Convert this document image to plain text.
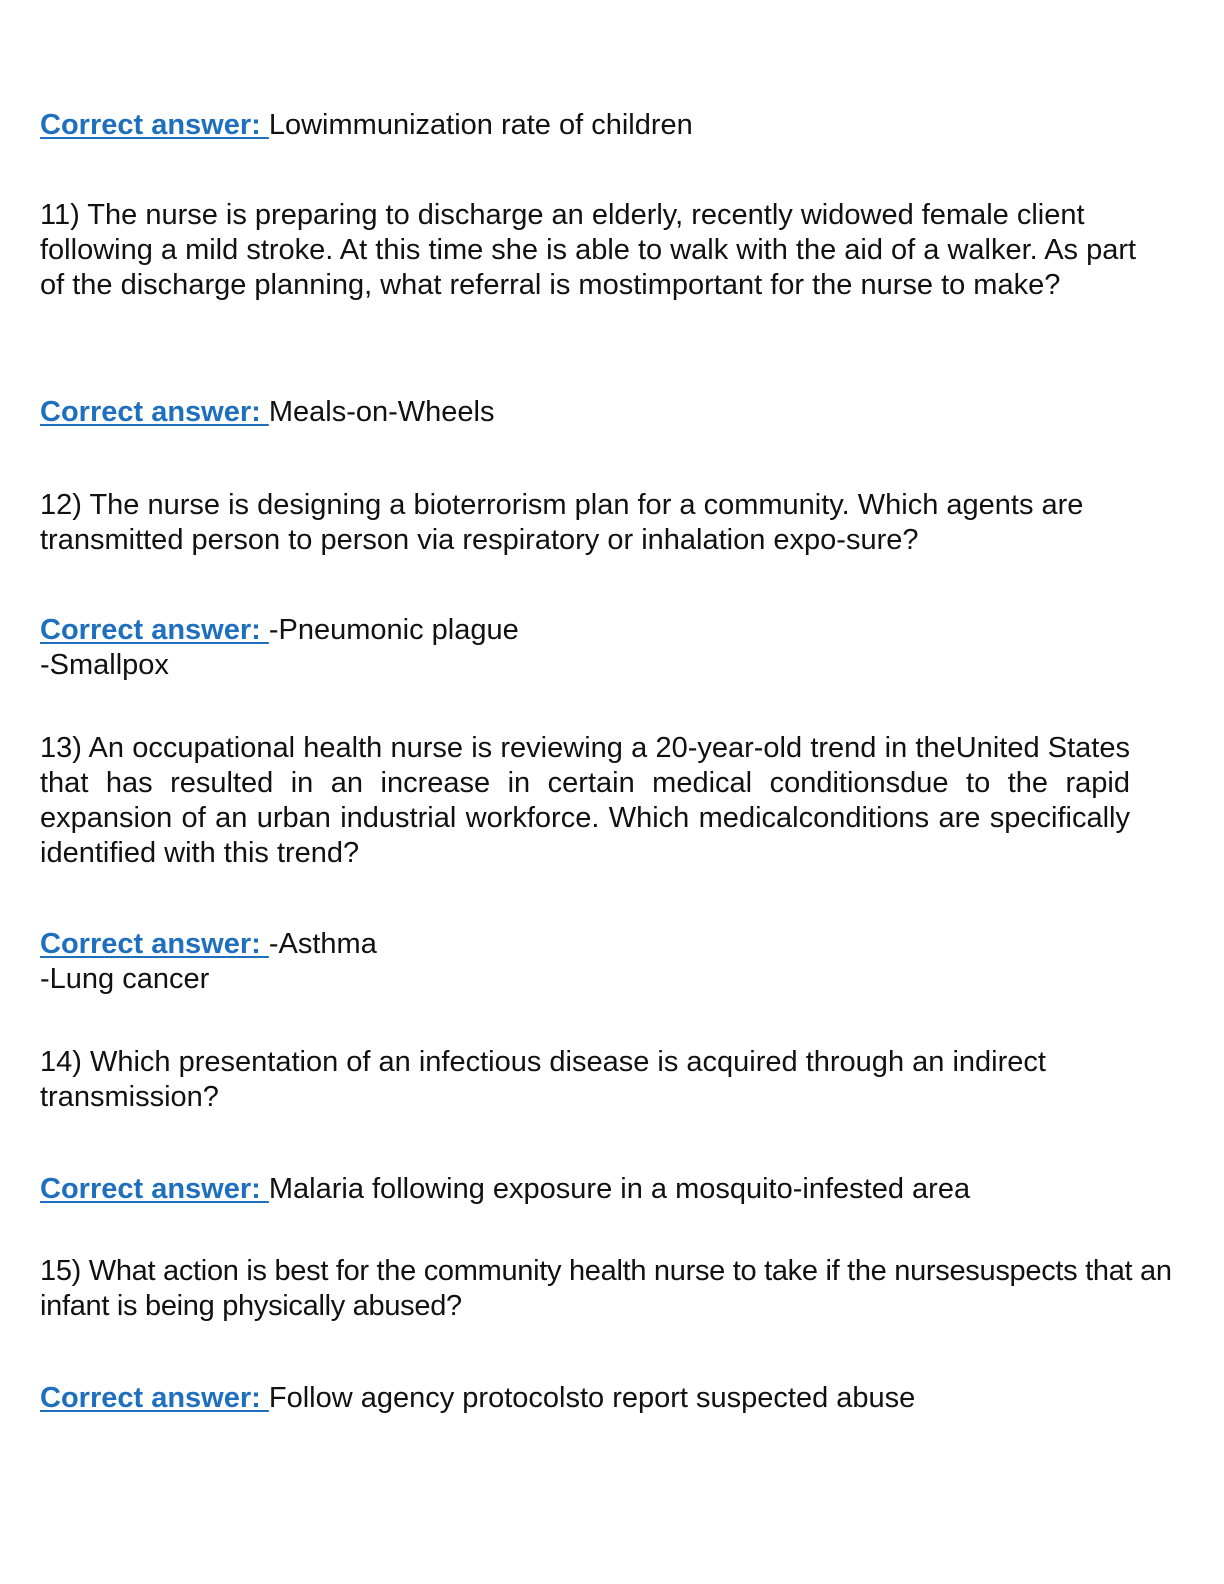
Correct answer: Lowimmunization rate of children

11) The nurse is preparing to discharge an elderly, recently widowed female client following a mild stroke. At this time she is able to walk with the aid of a walker. As part of the discharge planning, what referral is mostimportant for the nurse to make?

Correct answer: Meals-on-Wheels

12) The nurse is designing a bioterrorism plan for a community. Which agents are transmitted person to person via respiratory or inhalation expo-sure?

Correct answer: -Pneumonic plague
-Smallpox

13) An occupational health nurse is reviewing a 20-year-old trend in theUnited States that has resulted in an increase in certain medical conditionsdue to the rapid expansion of an urban industrial workforce. Which medicalconditions are specifically identified with this trend?

Correct answer: -Asthma
-Lung cancer

14) Which presentation of an infectious disease is acquired through an indirect transmission?

Correct answer: Malaria following exposure in a mosquito-infested area

15) What action is best for the community health nurse to take if the nursesuspects that an infant is being physically abused?

Correct answer: Follow agency protocolsto report suspected abuse
